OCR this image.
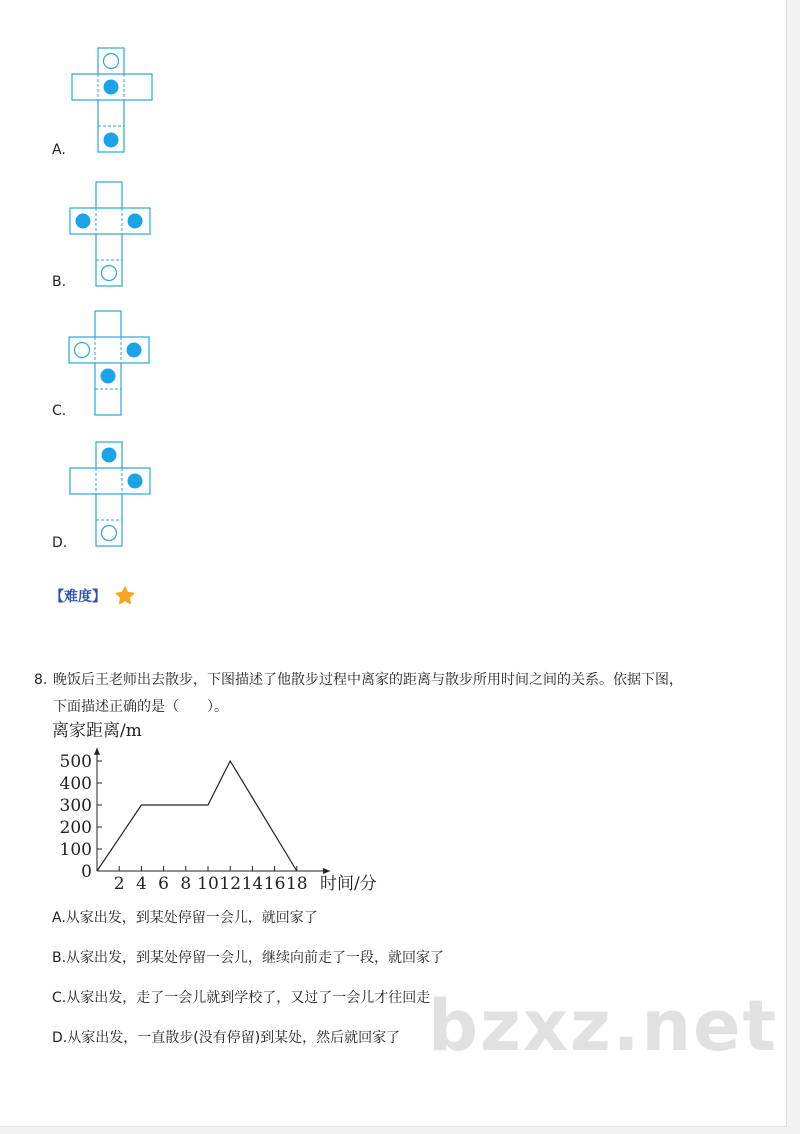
A.
B.
C.
D.
【难度】
8. 晚饭后王老师出去散步，下图描述了他散步过程中离家的距离与散步所用时间之间的关系。依据下图，
下面描述正确的是（　　）。
离家距离/m
时间/分
0
100
200
300
400
500
2 4 6 8 10 12 14 16 18
A.从家出发，到某处停留一会儿，就回家了
B.从家出发，到某处停留一会儿，继续向前走了一段，就回家了
C.从家出发，走了一会儿就到学校了，又过了一会儿才往回走
D.从家出发，一直散步(没有停留)到某处，然后就回家了 bzxz.net
